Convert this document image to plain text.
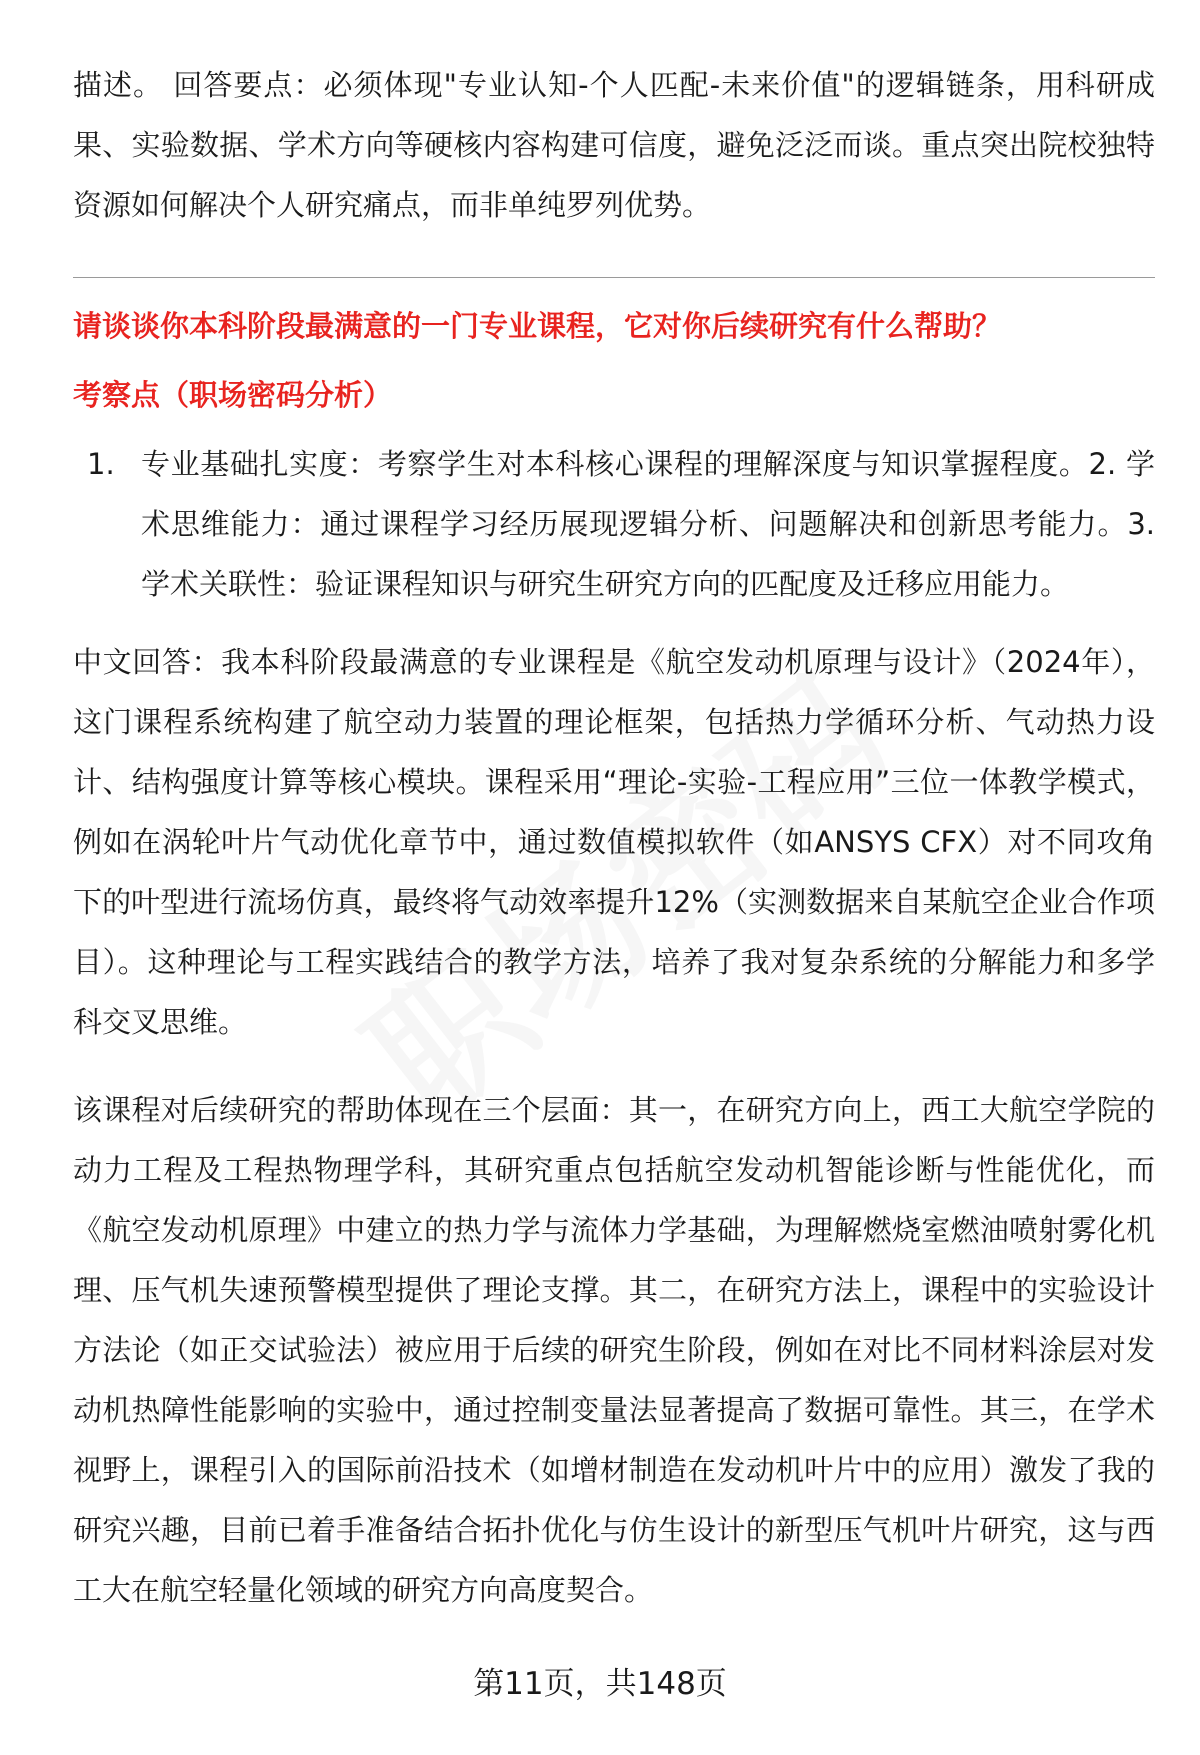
描述。 回答要点：必须体现"专业认知-个人匹配-未来价值"的逻辑链条，用科研成果、实验数据、学术方向等硬核内容构建可信度，避免泛泛而谈。重点突出院校独特资源如何解决个人研究痛点，而非单纯罗列优势。

请谈谈你本科阶段最满意的一门专业课程，它对你后续研究有什么帮助？

考察点（职场密码分析）

1. 专业基础扎实度：考察学生对本科核心课程的理解深度与知识掌握程度。2. 学术思维能力：通过课程学习经历展现逻辑分析、问题解决和创新思考能力。3. 学术关联性：验证课程知识与研究生研究方向的匹配度及迁移应用能力。

中文回答：我本科阶段最满意的专业课程是《航空发动机原理与设计》（2024年），这门课程系统构建了航空动力装置的理论框架，包括热力学循环分析、气动热力设计、结构强度计算等核心模块。课程采用“理论-实验-工程应用”三位一体教学模式，例如在涡轮叶片气动优化章节中，通过数值模拟软件（如ANSYS CFX）对不同攻角下的叶型进行流场仿真，最终将气动效率提升12%（实测数据来自某航空企业合作项目）。这种理论与工程实践结合的教学方法，培养了我对复杂系统的分解能力和多学科交叉思维。

该课程对后续研究的帮助体现在三个层面：其一，在研究方向上，西工大航空学院的动力工程及工程热物理学科，其研究重点包括航空发动机智能诊断与性能优化，而《航空发动机原理》中建立的热力学与流体力学基础，为理解燃烧室燃油喷射雾化机理、压气机失速预警模型提供了理论支撑。其二，在研究方法上，课程中的实验设计方法论（如正交试验法）被应用于后续的研究生阶段，例如在对比不同材料涂层对发动机热障性能影响的实验中，通过控制变量法显著提高了数据可靠性。其三，在学术视野上，课程引入的国际前沿技术（如增材制造在发动机叶片中的应用）激发了我的研究兴趣，目前已着手准备结合拓扑优化与仿生设计的新型压气机叶片研究，这与西工大在航空轻量化领域的研究方向高度契合。

第11页，共148页
